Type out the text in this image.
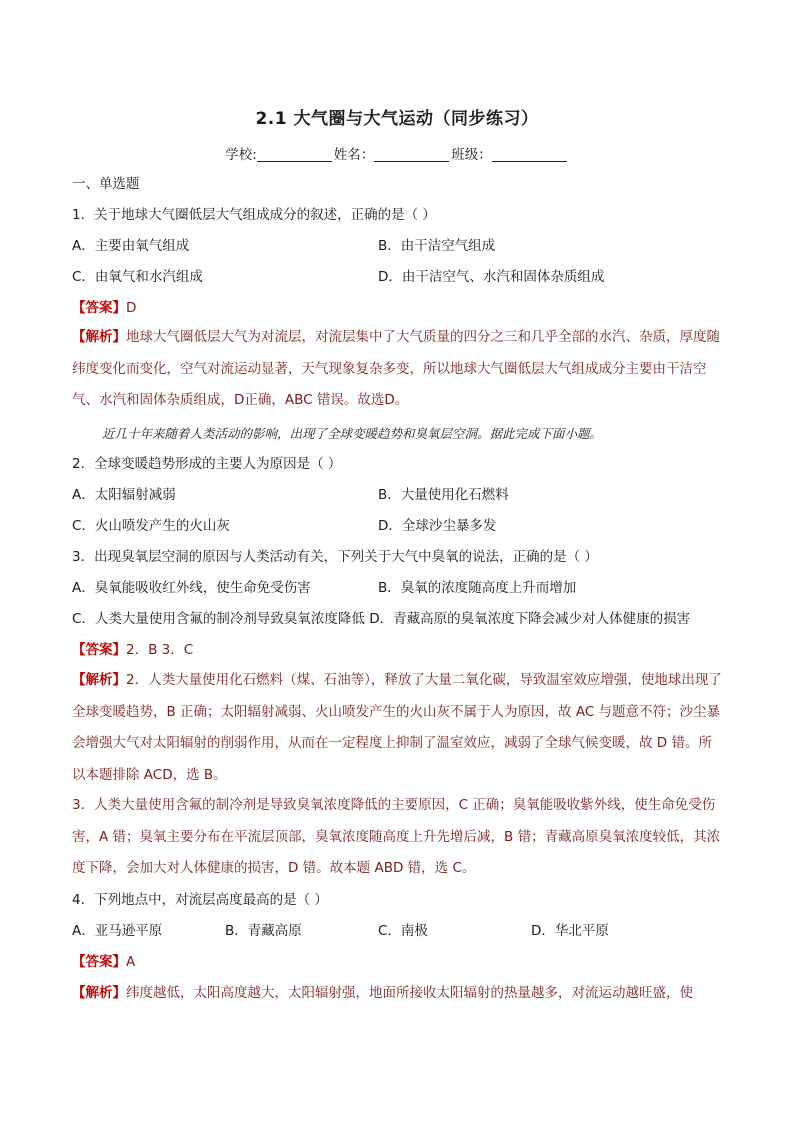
2.1 大气圈与大气运动（同步练习）
学校:	姓名：	班级：
一、单选题
1．关于地球大气圈低层大气组成成分的叙述，正确的是（ ）
A．主要由氧气组成	B．由干洁空气组成
C．由氧气和水汽组成	D．由干洁空气、水汽和固体杂质组成
【答案】D
【解析】地球大气圈低层大气为对流层，对流层集中了大气质量的四分之三和几乎全部的水汽、杂质，厚度随纬度变化而变化，空气对流运动显著，天气现象复杂多变，所以地球大气圈低层大气组成成分主要由干洁空气、水汽和固体杂质组成，D正确，ABC 错误。故选D。
近几十年来随着人类活动的影响，出现了全球变暖趋势和臭氧层空洞。据此完成下面小题。
2．全球变暖趋势形成的主要人为原因是（ ）
A．太阳辐射减弱	B．大量使用化石燃料
C．火山喷发产生的火山灰	D．全球沙尘暴多发
3．出现臭氧层空洞的原因与人类活动有关，下列关于大气中臭氧的说法，正确的是（ ）
A．臭氧能吸收红外线，使生命免受伤害	B．臭氧的浓度随高度上升而增加
C．人类大量使用含氟的制冷剂导致臭氧浓度降低 D．青藏高原的臭氧浓度下降会减少对人体健康的损害
【答案】2．B 3．C
【解析】2．人类大量使用化石燃料（煤、石油等），释放了大量二氧化碳，导致温室效应增强，使地球出现了全球变暖趋势，B 正确；太阳辐射减弱、火山喷发产生的火山灰不属于人为原因，故 AC 与题意不符；沙尘暴会增强大气对太阳辐射的削弱作用，从而在一定程度上抑制了温室效应，减弱了全球气候变暖，故 D 错。所以本题排除 ACD，选 B。
3．人类大量使用含氟的制冷剂是导致臭氧浓度降低的主要原因，C 正确；臭氧能吸收紫外线，使生命免受伤害，A 错；臭氧主要分布在平流层顶部，臭氧浓度随高度上升先增后减，B 错；青藏高原臭氧浓度较低，其浓度下降，会加大对人体健康的损害，D 错。故本题 ABD 错，选 C。
4．下列地点中，对流层高度最高的是（ ）
A．亚马逊平原	B．青藏高原	C．南极	D．华北平原
【答案】A
【解析】纬度越低，太阳高度越大，太阳辐射强，地面所接收太阳辐射的热量越多，对流运动越旺盛，使
